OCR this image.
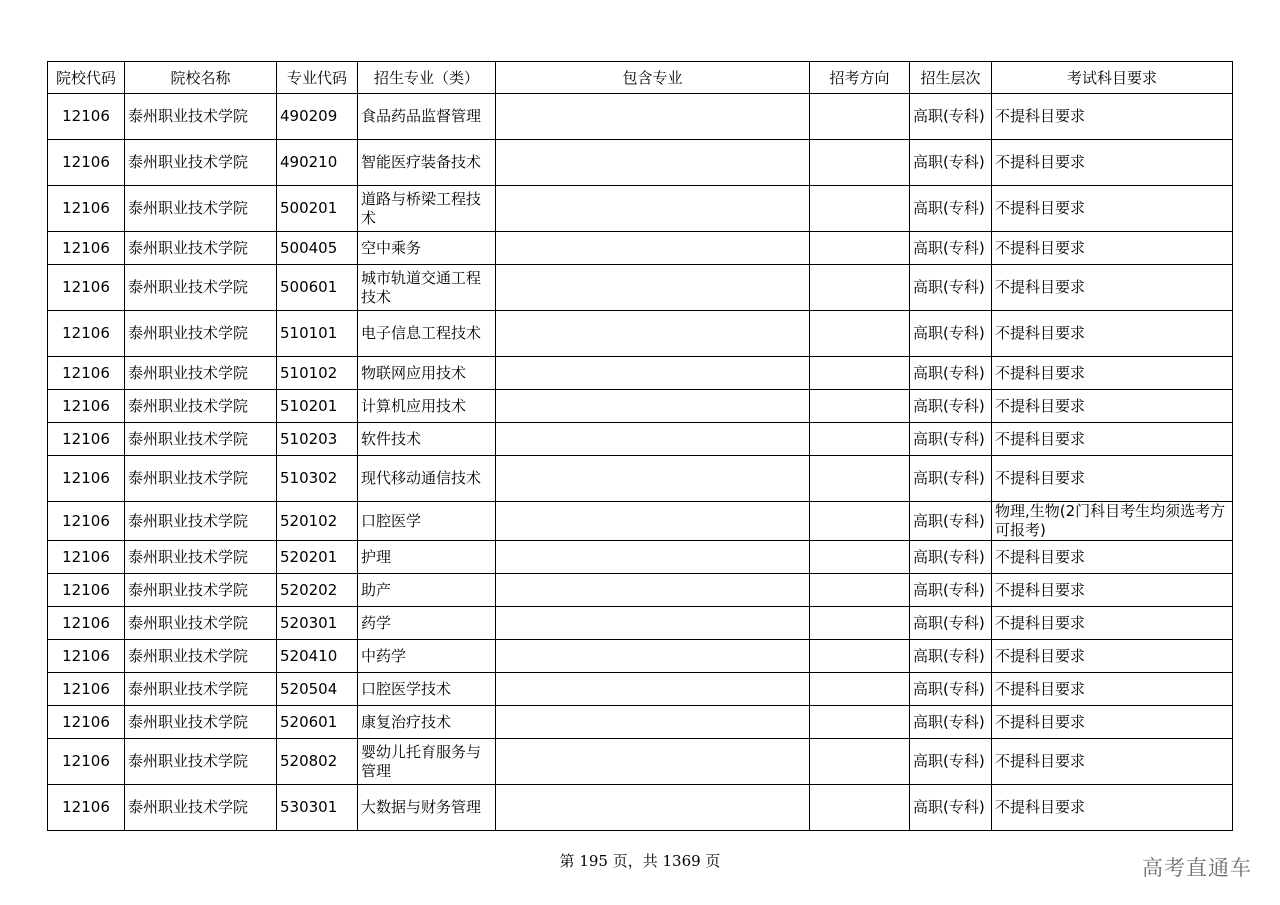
院校代码	院校名称	专业代码	招生专业（类）	包含专业	招考方向	招生层次	考试科目要求
12106	泰州职业技术学院	490209	食品药品监督管理			高职(专科)	不提科目要求
12106	泰州职业技术学院	490210	智能医疗装备技术			高职(专科)	不提科目要求
12106	泰州职业技术学院	500201	道路与桥梁工程技术			高职(专科)	不提科目要求
12106	泰州职业技术学院	500405	空中乘务			高职(专科)	不提科目要求
12106	泰州职业技术学院	500601	城市轨道交通工程技术			高职(专科)	不提科目要求
12106	泰州职业技术学院	510101	电子信息工程技术			高职(专科)	不提科目要求
12106	泰州职业技术学院	510102	物联网应用技术			高职(专科)	不提科目要求
12106	泰州职业技术学院	510201	计算机应用技术			高职(专科)	不提科目要求
12106	泰州职业技术学院	510203	软件技术			高职(专科)	不提科目要求
12106	泰州职业技术学院	510302	现代移动通信技术			高职(专科)	不提科目要求
12106	泰州职业技术学院	520102	口腔医学			高职(专科)	物理,生物(2门科目考生均须选考方可报考)
12106	泰州职业技术学院	520201	护理			高职(专科)	不提科目要求
12106	泰州职业技术学院	520202	助产			高职(专科)	不提科目要求
12106	泰州职业技术学院	520301	药学			高职(专科)	不提科目要求
12106	泰州职业技术学院	520410	中药学			高职(专科)	不提科目要求
12106	泰州职业技术学院	520504	口腔医学技术			高职(专科)	不提科目要求
12106	泰州职业技术学院	520601	康复治疗技术			高职(专科)	不提科目要求
12106	泰州职业技术学院	520802	婴幼儿托育服务与管理			高职(专科)	不提科目要求
12106	泰州职业技术学院	530301	大数据与财务管理			高职(专科)	不提科目要求
第 195 页，共 1369 页	高考直通车
